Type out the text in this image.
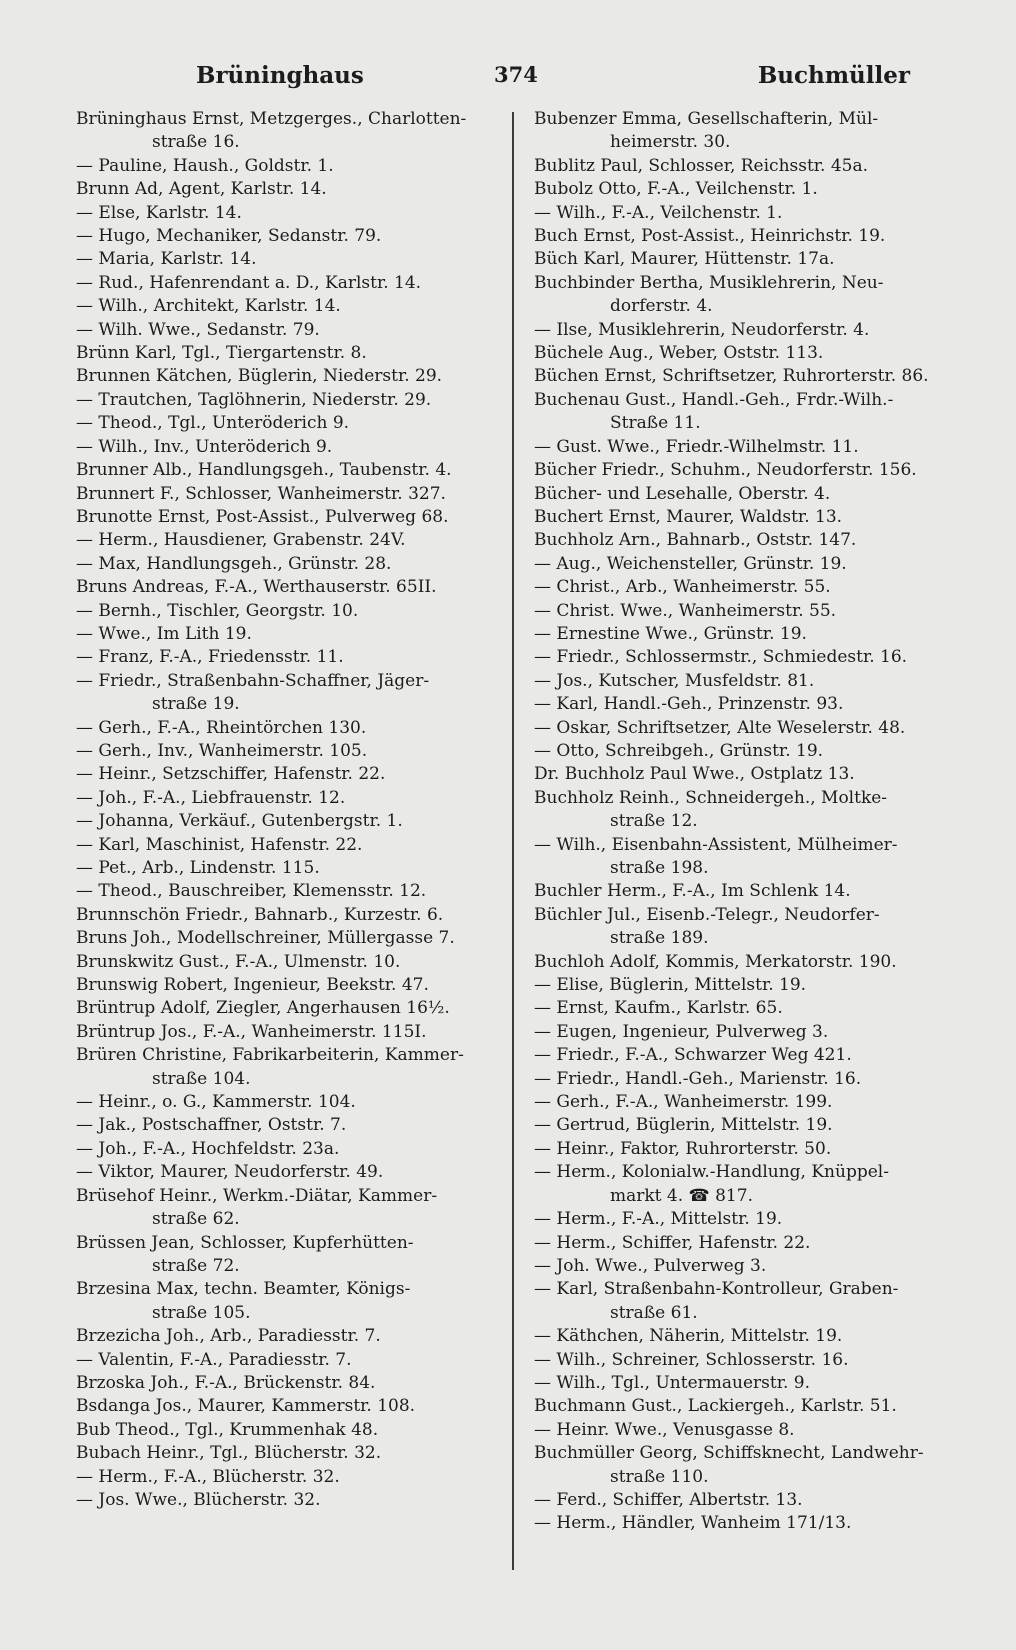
Brüninghaus	374	Buchmüller

Brüninghaus Ernst, Metzgerges., Charlotten-

straße 16.

— Pauline, Haush., Goldstr. 1.

Brunn Ad, Agent, Karlstr. 14.

— Else, Karlstr. 14.

— Hugo, Mechaniker, Sedanstr. 79.

— Maria, Karlstr. 14.

— Rud., Hafenrendant a. D., Karlstr. 14.

— Wilh., Architekt, Karlstr. 14.

— Wilh. Wwe., Sedanstr. 79.

Brünn Karl, Tgl., Tiergartenstr. 8.

Brunnen Kätchen, Büglerin, Niederstr. 29.

— Trautchen, Taglöhnerin, Niederstr. 29.

— Theod., Tgl., Unteröderich 9.

— Wilh., Inv., Unteröderich 9.

Brunner Alb., Handlungsgeh., Taubenstr. 4.

Brunnert F., Schlosser, Wanheimerstr. 327.

Brunotte Ernst, Post-Assist., Pulverweg 68.

— Herm., Hausdiener, Grabenstr. 24V.

— Max, Handlungsgeh., Grünstr. 28.

Bruns Andreas, F.-A., Werthauserstr. 65II.

— Bernh., Tischler, Georgstr. 10.

— Wwe., Im Lith 19.

— Franz, F.-A., Friedensstr. 11.

— Friedr., Straßenbahn-Schaffner, Jäger-

straße 19.

— Gerh., F.-A., Rheintörchen 130.

— Gerh., Inv., Wanheimerstr. 105.

— Heinr., Setzschiffer, Hafenstr. 22.

— Joh., F.-A., Liebfrauenstr. 12.

— Johanna, Verkäuf., Gutenbergstr. 1.

— Karl, Maschinist, Hafenstr. 22.

— Pet., Arb., Lindenstr. 115.

— Theod., Bauschreiber, Klemensstr. 12.

Brunnschön Friedr., Bahnarb., Kurzestr. 6.

Bruns Joh., Modellschreiner, Müllergasse 7.

Brunskwitz Gust., F.-A., Ulmenstr. 10.

Brunswig Robert, Ingenieur, Beekstr. 47.

Brüntrup Adolf, Ziegler, Angerhausen 16½.

Brüntrup Jos., F.-A., Wanheimerstr. 115I.

Brüren Christine, Fabrikarbeiterin, Kammer-

straße 104.

— Heinr., o. G., Kammerstr. 104.

— Jak., Postschaffner, Oststr. 7.

— Joh., F.-A., Hochfeldstr. 23a.

— Viktor, Maurer, Neudorferstr. 49.

Brüsehof Heinr., Werkm.-Diätar, Kammer-

straße 62.

Brüssen Jean, Schlosser, Kupferhütten-

straße 72.

Brzesina Max, techn. Beamter, Königs-

straße 105.

Brzezicha Joh., Arb., Paradiesstr. 7.

— Valentin, F.-A., Paradiesstr. 7.

Brzoska Joh., F.-A., Brückenstr. 84.

Bsdanga Jos., Maurer, Kammerstr. 108.

Bub Theod., Tgl., Krummenhak 48.

Bubach Heinr., Tgl., Blücherstr. 32.

— Herm., F.-A., Blücherstr. 32.

— Jos. Wwe., Blücherstr. 32.

Bubenzer Emma, Gesellschafterin, Mül-

heimerstr. 30.

Bublitz Paul, Schlosser, Reichsstr. 45a.

Bubolz Otto, F.-A., Veilchenstr. 1.

— Wilh., F.-A., Veilchenstr. 1.

Buch Ernst, Post-Assist., Heinrichstr. 19.

Büch Karl, Maurer, Hüttenstr. 17a.

Buchbinder Bertha, Musiklehrerin, Neu-

dorferstr. 4.

— Ilse, Musiklehrerin, Neudorferstr. 4.

Büchele Aug., Weber, Oststr. 113.

Büchen Ernst, Schriftsetzer, Ruhrorterstr. 86.

Buchenau Gust., Handl.-Geh., Frdr.-Wilh.-

Straße 11.

— Gust. Wwe., Friedr.-Wilhelmstr. 11.

Bücher Friedr., Schuhm., Neudorferstr. 156.

Bücher- und Lesehalle, Oberstr. 4.

Buchert Ernst, Maurer, Waldstr. 13.

Buchholz Arn., Bahnarb., Oststr. 147.

— Aug., Weichensteller, Grünstr. 19.

— Christ., Arb., Wanheimerstr. 55.

— Christ. Wwe., Wanheimerstr. 55.

— Ernestine Wwe., Grünstr. 19.

— Friedr., Schlossermstr., Schmiedestr. 16.

— Jos., Kutscher, Musfeldstr. 81.

— Karl, Handl.-Geh., Prinzenstr. 93.

— Oskar, Schriftsetzer, Alte Weselerstr. 48.

— Otto, Schreibgeh., Grünstr. 19.

Dr. Buchholz Paul Wwe., Ostplatz 13.

Buchholz Reinh., Schneidergeh., Moltke-

straße 12.

— Wilh., Eisenbahn-Assistent, Mülheimer-

straße 198.

Buchler Herm., F.-A., Im Schlenk 14.

Büchler Jul., Eisenb.-Telegr., Neudorfer-

straße 189.

Buchloh Adolf, Kommis, Merkatorstr. 190.

— Elise, Büglerin, Mittelstr. 19.

— Ernst, Kaufm., Karlstr. 65.

— Eugen, Ingenieur, Pulverweg 3.

— Friedr., F.-A., Schwarzer Weg 421.

— Friedr., Handl.-Geh., Marienstr. 16.

— Gerh., F.-A., Wanheimerstr. 199.

— Gertrud, Büglerin, Mittelstr. 19.

— Heinr., Faktor, Ruhrorterstr. 50.

— Herm., Kolonialw.-Handlung, Knüppel-

markt 4. ☎ 817.

— Herm., F.-A., Mittelstr. 19.

— Herm., Schiffer, Hafenstr. 22.

— Joh. Wwe., Pulverweg 3.

— Karl, Straßenbahn-Kontrolleur, Graben-

straße 61.

— Käthchen, Näherin, Mittelstr. 19.

— Wilh., Schreiner, Schlosserstr. 16.

— Wilh., Tgl., Untermauerstr. 9.

Buchmann Gust., Lackiergeh., Karlstr. 51.

— Heinr. Wwe., Venusgasse 8.

Buchmüller Georg, Schiffsknecht, Landwehr-

straße 110.

— Ferd., Schiffer, Albertstr. 13.

— Herm., Händler, Wanheim 171/13.
